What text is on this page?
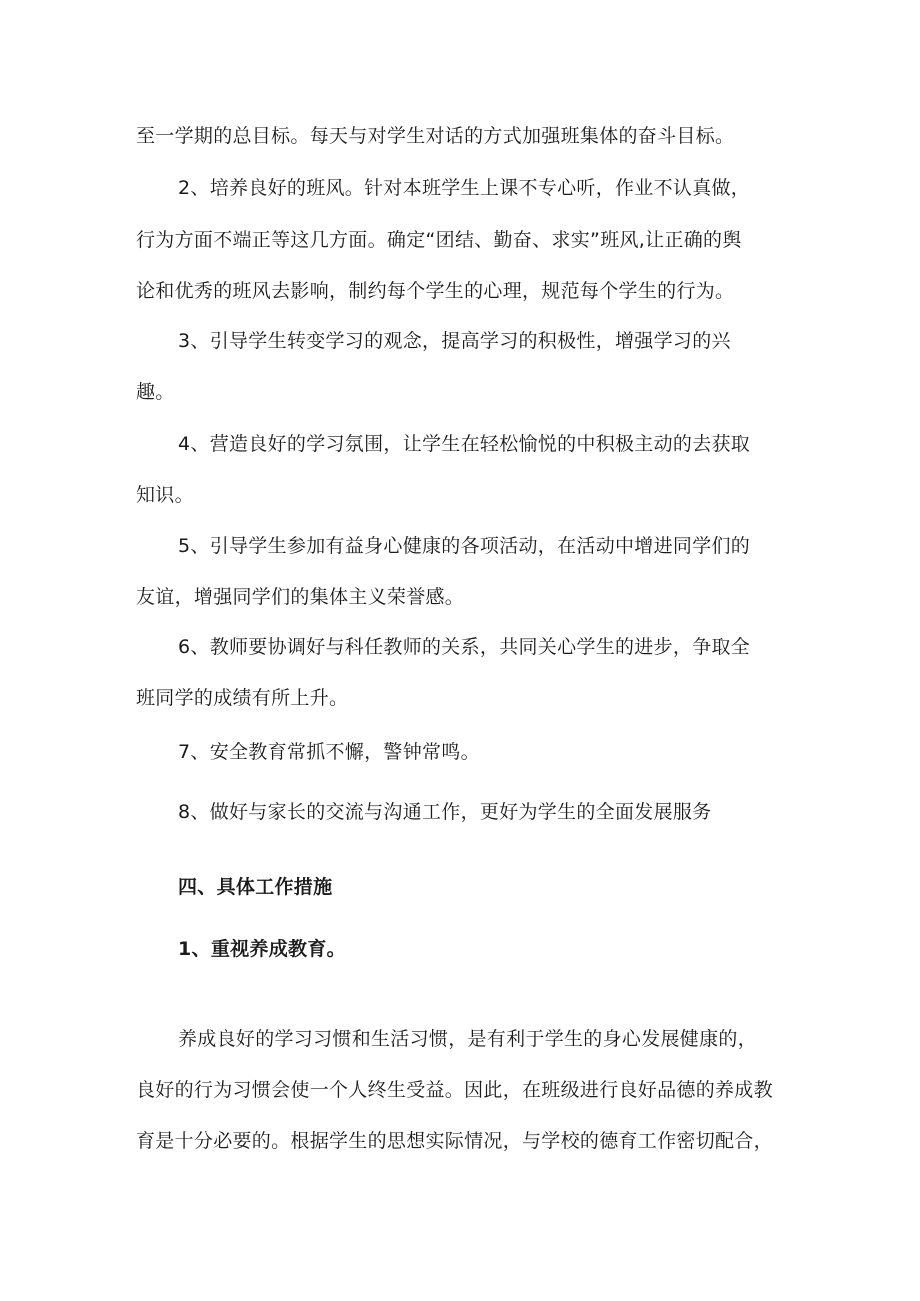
至一学期的总目标。每天与对学生对话的方式加强班集体的奋斗目标。
2、培养良好的班风。针对本班学生上课不专心听，作业不认真做，
行为方面不端正等这几方面。确定“团结、勤奋、求实”班风,让正确的舆
论和优秀的班风去影响，制约每个学生的心理，规范每个学生的行为。
3、引导学生转变学习的观念，提高学习的积极性，增强学习的兴
趣。
4、营造良好的学习氛围，让学生在轻松愉悦的中积极主动的去获取
知识。
5、引导学生参加有益身心健康的各项活动，在活动中增进同学们的
友谊，增强同学们的集体主义荣誉感。
6、教师要协调好与科任教师的关系，共同关心学生的进步，争取全
班同学的成绩有所上升。
7、安全教育常抓不懈，警钟常鸣。
8、做好与家长的交流与沟通工作，更好为学生的全面发展服务
四、具体工作措施
1、重视养成教育。
养成良好的学习习惯和生活习惯，是有利于学生的身心发展健康的，
良好的行为习惯会使一个人终生受益。因此，在班级进行良好品德的养成教
育是十分必要的。根据学生的思想实际情况，与学校的德育工作密切配合，
